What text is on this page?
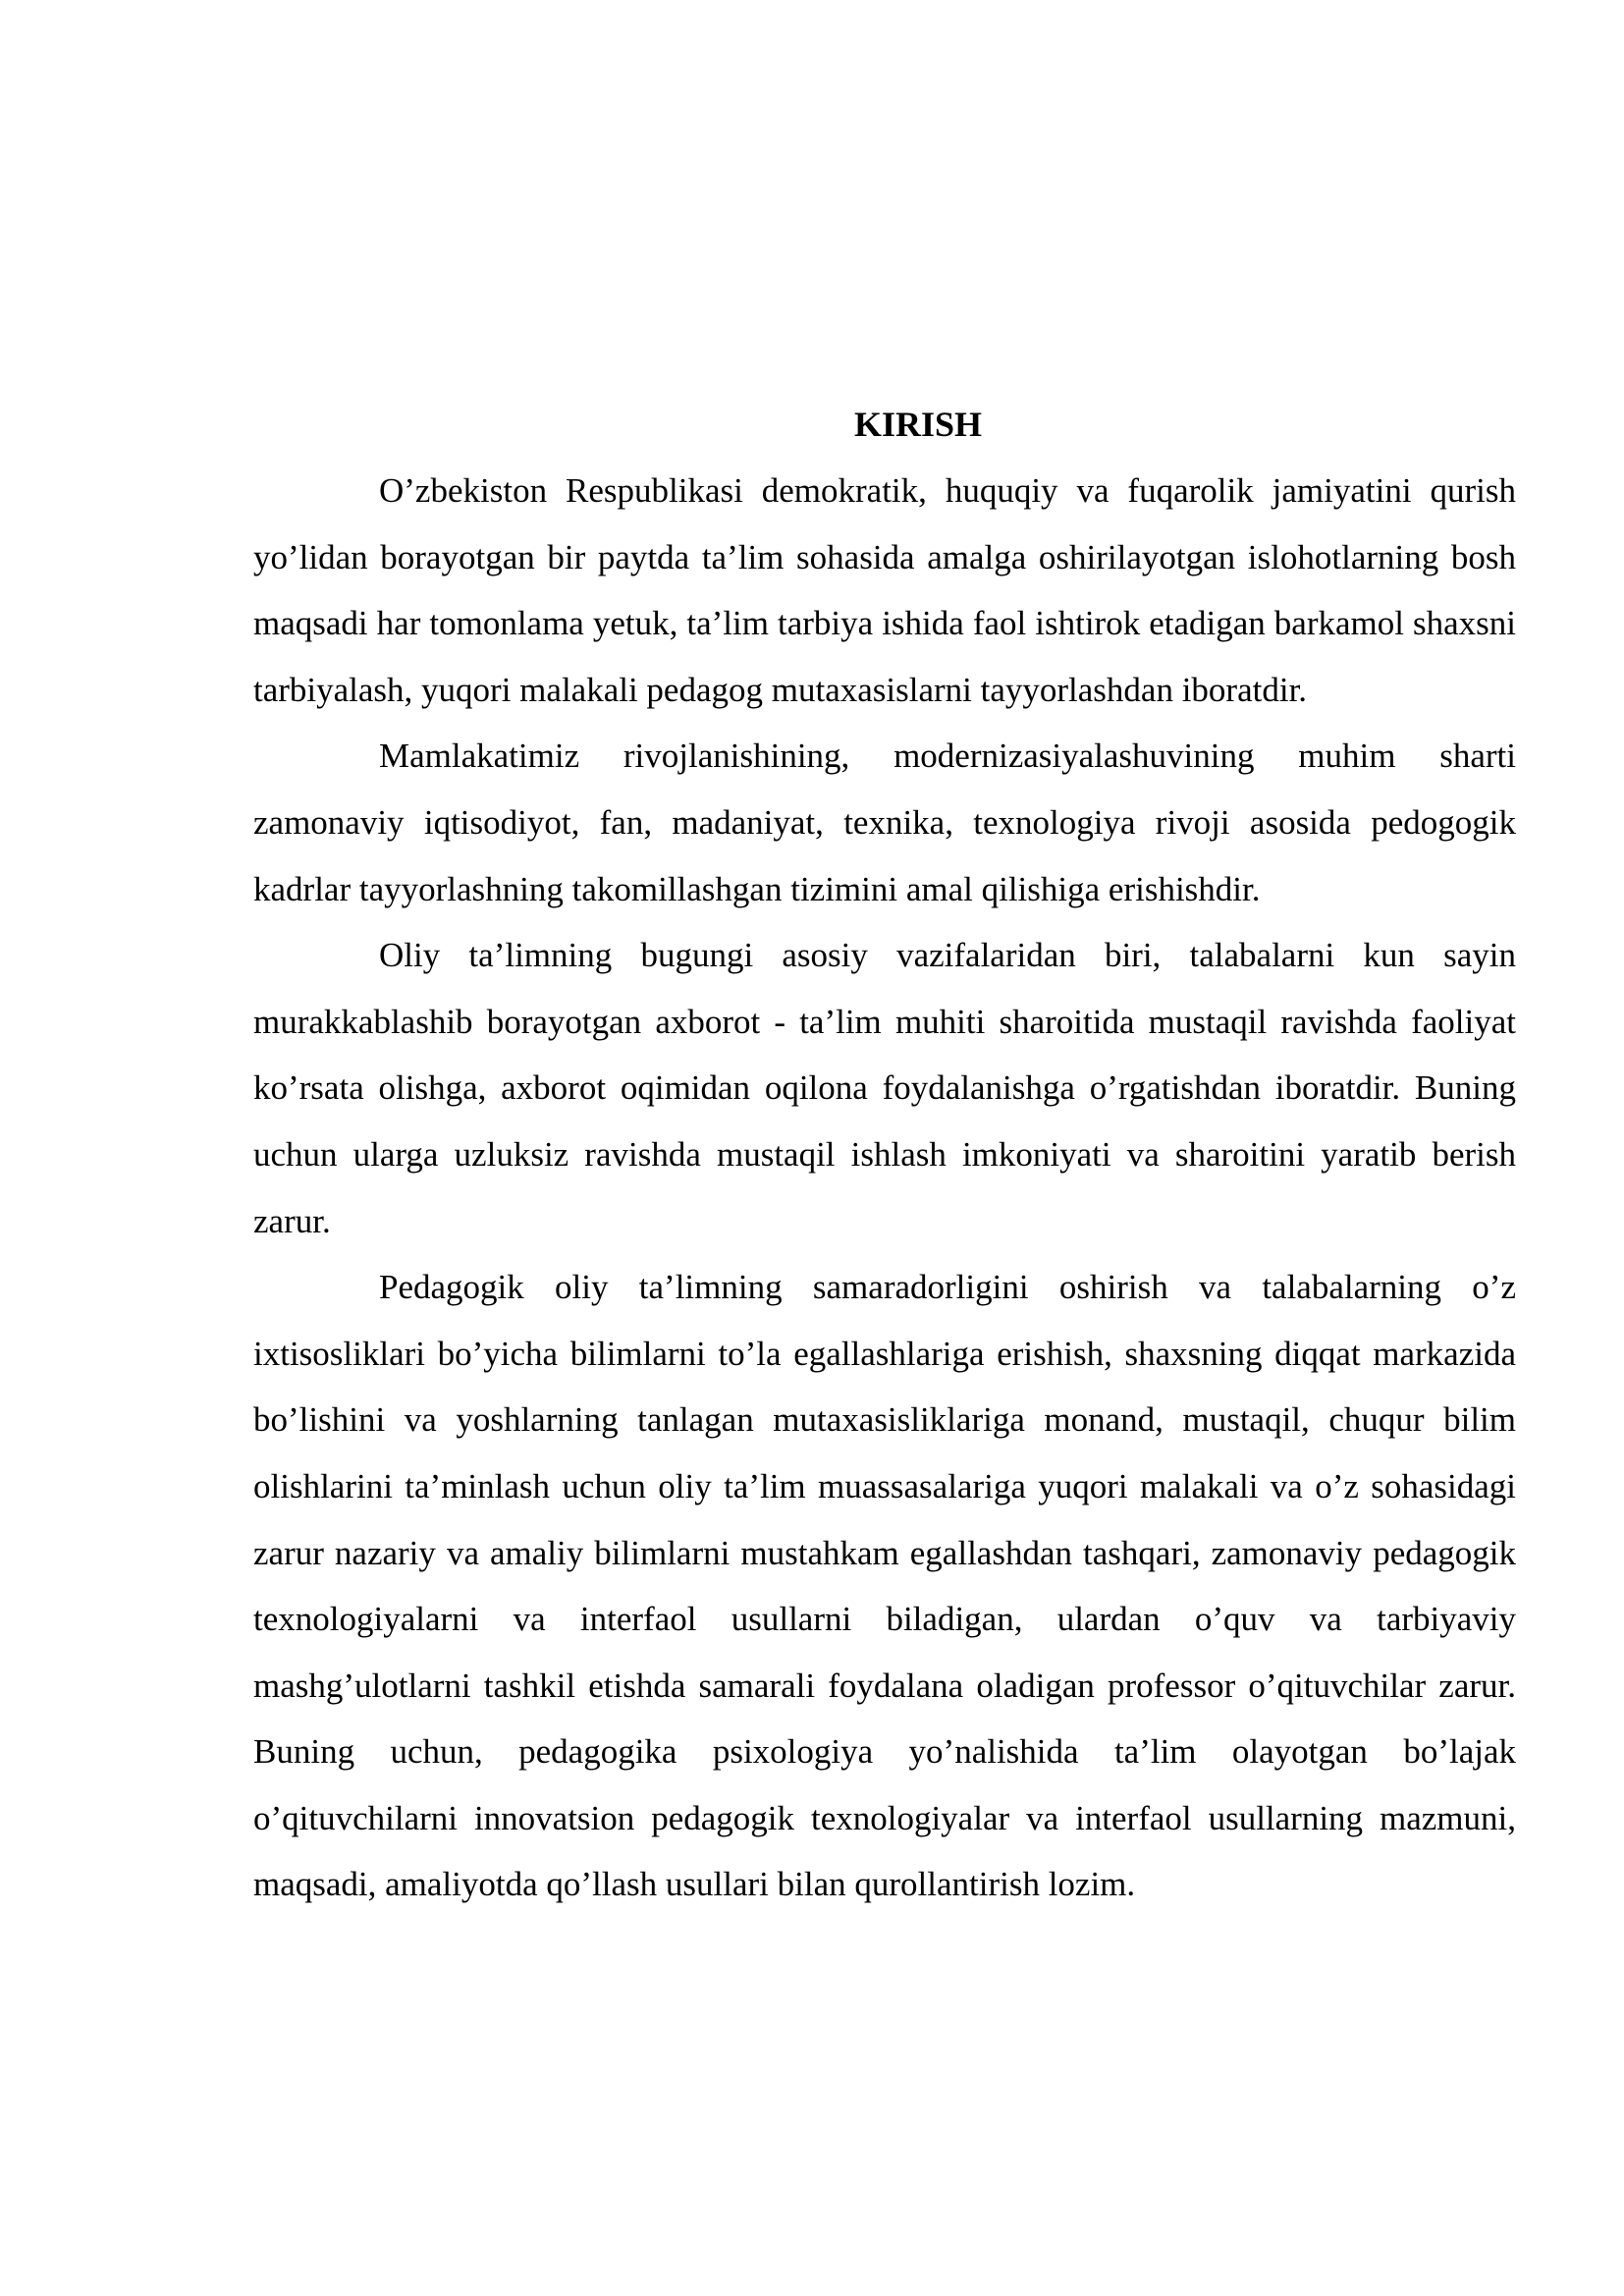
KIRISH

O’zbekiston Respublikasi demokratik, huquqiy va fuqarolik jamiyatini qurish yo’lidan borayotgan bir paytda ta’lim sohasida amalga oshirilayotgan islohotlarning bosh maqsadi har tomonlama yetuk, ta’lim tarbiya ishida faol ishtirok etadigan barkamol shaxsni tarbiyalash, yuqori malakali pedagog mutaxasislarni tayyorlashdan iboratdir.

Mamlakatimiz rivojlanishining, modernizasiyalashuvining muhim sharti zamonaviy iqtisodiyot, fan, madaniyat, texnika, texnologiya rivoji asosida pedogogik kadrlar tayyorlashning takomillashgan tizimini amal qilishiga erishishdir.

Oliy ta’limning bugungi asosiy vazifalaridan biri, talabalarni kun sayin murakkablashib borayotgan axborot - ta’lim muhiti sharoitida mustaqil ravishda faoliyat ko’rsata olishga, axborot oqimidan oqilona foydalanishga o’rgatishdan iboratdir. Buning uchun ularga uzluksiz ravishda mustaqil ishlash imkoniyati va sharoitini yaratib berish zarur.

Pedagogik oliy ta’limning samaradorligini oshirish va talabalarning o’z ixtisosliklari bo’yicha bilimlarni to’la egallashlariga erishish, shaxsning diqqat markazida bo’lishini va yoshlarning tanlagan mutaxasisliklariga monand, mustaqil, chuqur bilim olishlarini ta’minlash uchun oliy ta’lim muassasalariga yuqori malakali va o’z sohasidagi zarur nazariy va amaliy bilimlarni mustahkam egallashdan tashqari, zamonaviy pedagogik texnologiyalarni va interfaol usullarni biladigan, ulardan o’quv va tarbiyaviy mashg’ulotlarni tashkil etishda samarali foydalana oladigan professor o’qituvchilar zarur. Buning uchun, pedagogika psixologiya yo’nalishida ta’lim olayotgan bo’lajak o’qituvchilarni innovatsion pedagogik texnologiyalar va interfaol usullarning mazmuni, maqsadi, amaliyotda qo’llash usullari bilan qurollantirish lozim.
